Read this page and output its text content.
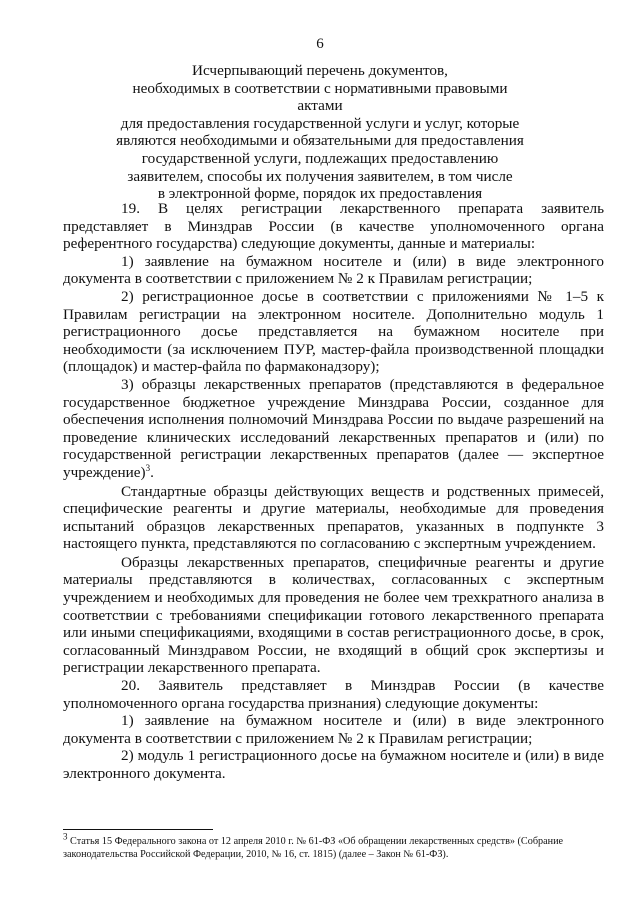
6
Исчерпывающий перечень документов,
необходимых в соответствии с нормативными правовыми актами
для предоставления государственной услуги и услуг, которые
являются необходимыми и обязательными для предоставления
государственной услуги, подлежащих предоставлению
заявителем, способы их получения заявителем, в том числе
в электронной форме, порядок их предоставления

19. В целях регистрации лекарственного препарата заявитель представляет в Минздрав России (в качестве уполномоченного органа референтного государства) следующие документы, данные и материалы:

1) заявление на бумажном носителе и (или) в виде электронного документа в соответствии с приложением № 2 к Правилам регистрации;

2) регистрационное досье в соответствии с приложениями № 1–5 к Правилам регистрации на электронном носителе. Дополнительно модуль 1 регистрационного досье представляется на бумажном носителе при необходимости (за исключением ПУР, мастер-файла производственной площадки (площадок) и мастер-файла по фармаконадзору);

3) образцы лекарственных препаратов (представляются в федеральное государственное бюджетное учреждение Минздрава России, созданное для обеспечения исполнения полномочий Минздрава России по выдаче разрешений на проведение клинических исследований лекарственных препаратов и (или) по государственной регистрации лекарственных препаратов (далее — экспертное учреждение)$^3$.

Стандартные образцы действующих веществ и родственных примесей, специфические реагенты и другие материалы, необходимые для проведения испытаний образцов лекарственных препаратов, указанных в подпункте 3 настоящего пункта, представляются по согласованию с экспертным учреждением.

Образцы лекарственных препаратов, специфичные реагенты и другие материалы представляются в количествах, согласованных с экспертным учреждением и необходимых для проведения не более чем трехкратного анализа в соответствии с требованиями спецификации готового лекарственного препарата или иными спецификациями, входящими в состав регистрационного досье, в срок, согласованный Минздравом России, не входящий в общий срок экспертизы и регистрации лекарственного препарата.

20. Заявитель представляет в Минздрав России (в качестве уполномоченного органа государства признания) следующие документы:

1) заявление на бумажном носителе и (или) в виде электронного документа в соответствии с приложением № 2 к Правилам регистрации;

2) модуль 1 регистрационного досье на бумажном носителе и (или) в виде электронного документа.

$^3$ Статья 15 Федерального закона от 12 апреля 2010 г. № 61-ФЗ «Об обращении лекарственных средств» (Собрание законодательства Российской Федерации, 2010, № 16, ст. 1815) (далее – Закон № 61-ФЗ).
